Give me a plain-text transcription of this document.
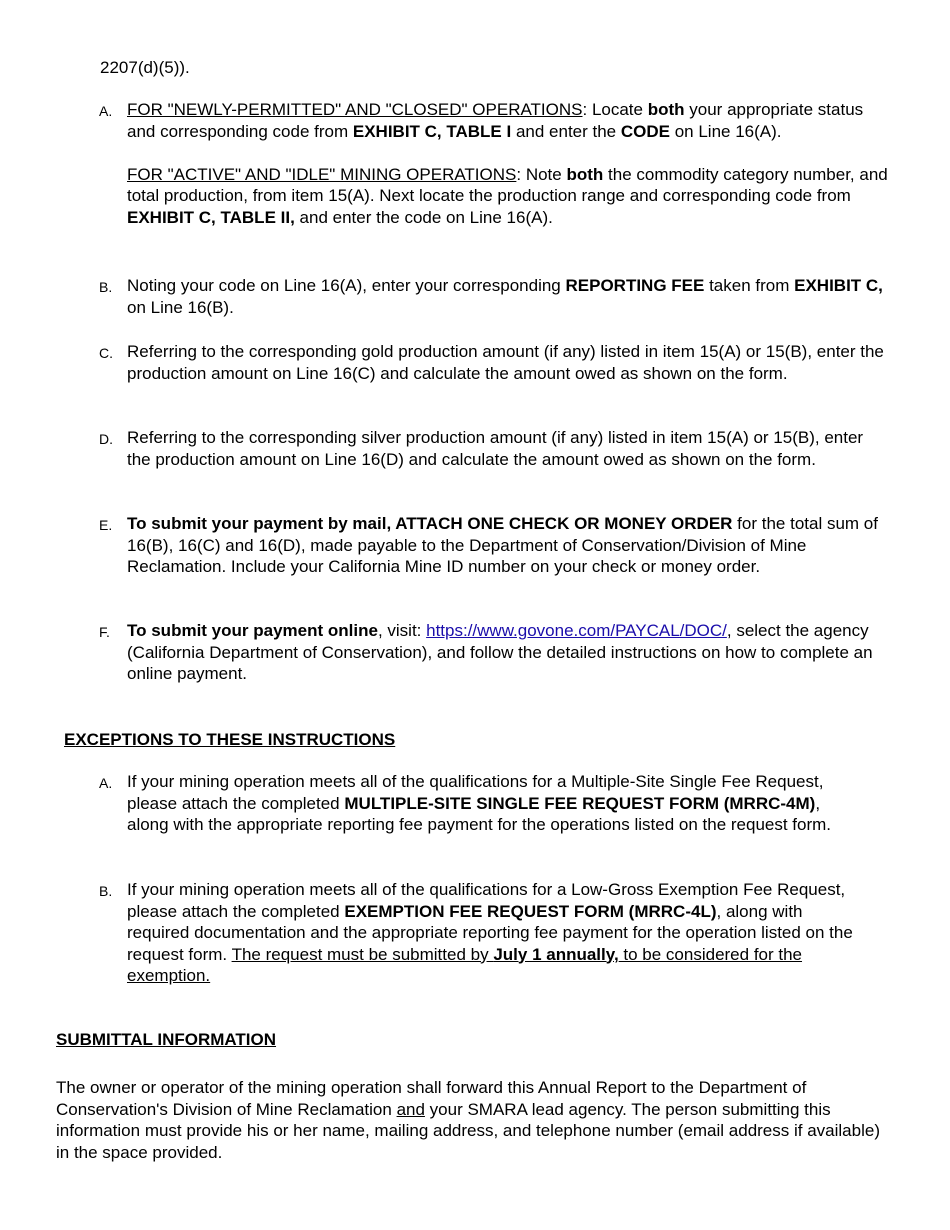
2207(d)(5)).
A. FOR "NEWLY-PERMITTED" AND "CLOSED" OPERATIONS: Locate both your appropriate status and corresponding code from EXHIBIT C, TABLE I and enter the CODE on Line 16(A).
FOR "ACTIVE" AND "IDLE" MINING OPERATIONS: Note both the commodity category number, and total production, from item 15(A). Next locate the production range and corresponding code from EXHIBIT C, TABLE II, and enter the code on Line 16(A).
B. Noting your code on Line 16(A), enter your corresponding REPORTING FEE taken from EXHIBIT C, on Line 16(B).
C. Referring to the corresponding gold production amount (if any) listed in item 15(A) or 15(B), enter the production amount on Line 16(C) and calculate the amount owed as shown on the form.
D. Referring to the corresponding silver production amount (if any) listed in item 15(A) or 15(B), enter the production amount on Line 16(D) and calculate the amount owed as shown on the form.
E. To submit your payment by mail, ATTACH ONE CHECK OR MONEY ORDER for the total sum of 16(B), 16(C) and 16(D), made payable to the Department of Conservation/Division of Mine Reclamation. Include your California Mine ID number on your check or money order.
F. To submit your payment online, visit: https://www.govone.com/PAYCAL/DOC/, select the agency (California Department of Conservation), and follow the detailed instructions on how to complete an online payment.
EXCEPTIONS TO THESE INSTRUCTIONS
A. If your mining operation meets all of the qualifications for a Multiple-Site Single Fee Request, please attach the completed MULTIPLE-SITE SINGLE FEE REQUEST FORM (MRRC-4M), along with the appropriate reporting fee payment for the operations listed on the request form.
B. If your mining operation meets all of the qualifications for a Low-Gross Exemption Fee Request, please attach the completed EXEMPTION FEE REQUEST FORM (MRRC-4L), along with required documentation and the appropriate reporting fee payment for the operation listed on the request form. The request must be submitted by July 1 annually, to be considered for the exemption.
SUBMITTAL INFORMATION
The owner or operator of the mining operation shall forward this Annual Report to the Department of Conservation's Division of Mine Reclamation and your SMARA lead agency. The person submitting this information must provide his or her name, mailing address, and telephone number (email address if available) in the space provided.
